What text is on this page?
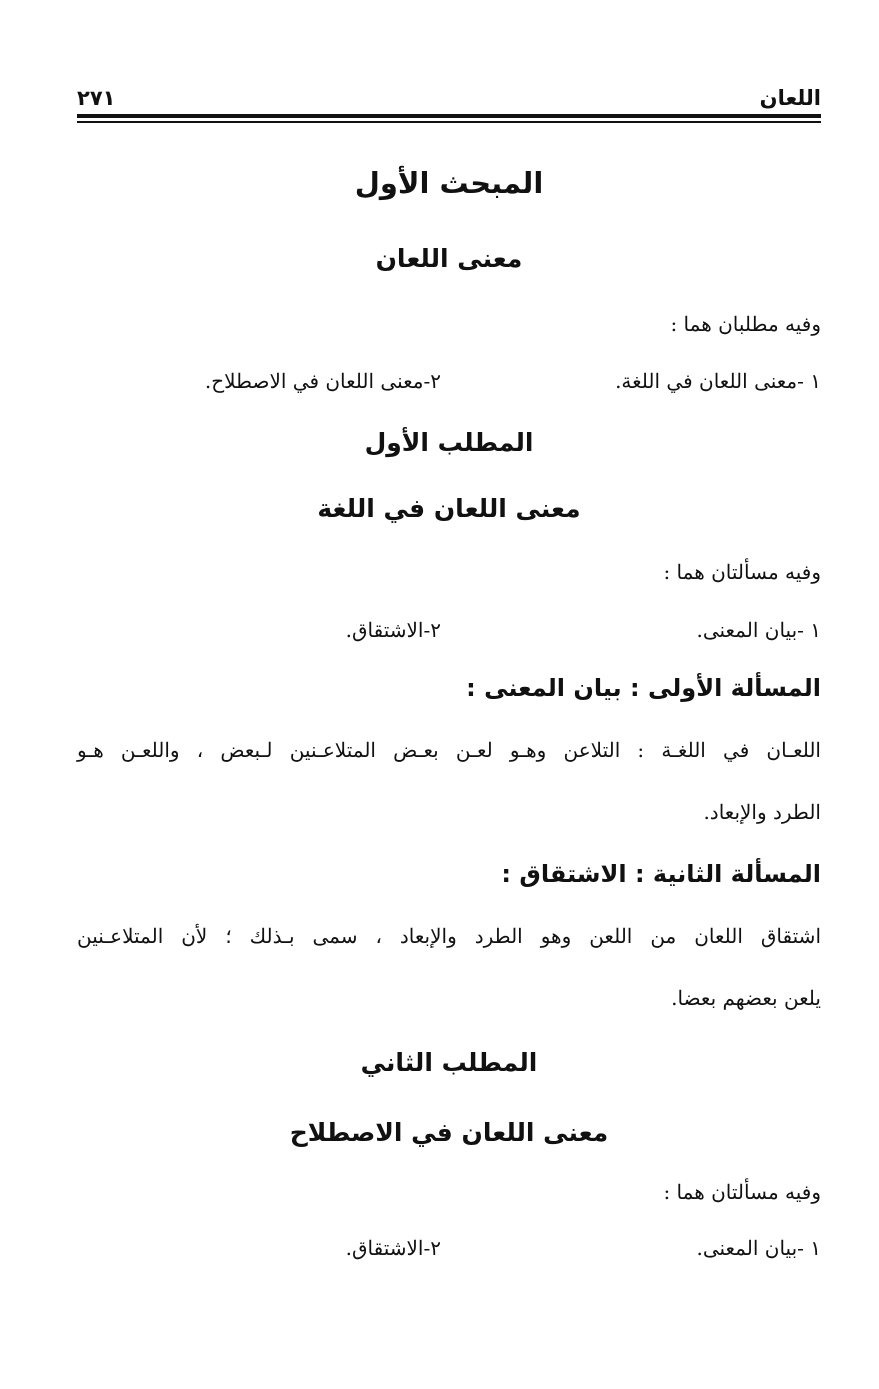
اللعان
٢٧١
المبحث الأول
معنى اللعان
وفيه مطلبان هما :
١ -معنى اللعان في اللغة.
٢-معنى اللعان في الاصطلاح.
المطلب الأول
معنى اللعان في اللغة
وفيه مسألتان هما :
١ -بيان المعنى.
٢-الاشتقاق.
المسألة الأولى : بيان المعنى :
اللعـان في اللغـة : التلاعن وهـو لعـن بعـض المتلاعـنين لـبعض ، واللعـن هـو
الطرد والإبعاد.
المسألة الثانية : الاشتقاق :
اشتقاق اللعان من اللعن وهو الطرد والإبعاد ، سمى بـذلك ؛ لأن المتلاعـنين
يلعن بعضهم بعضا.
المطلب الثاني
معنى اللعان في الاصطلاح
وفيه مسألتان هما :
١ -بيان المعنى.
٢-الاشتقاق.
